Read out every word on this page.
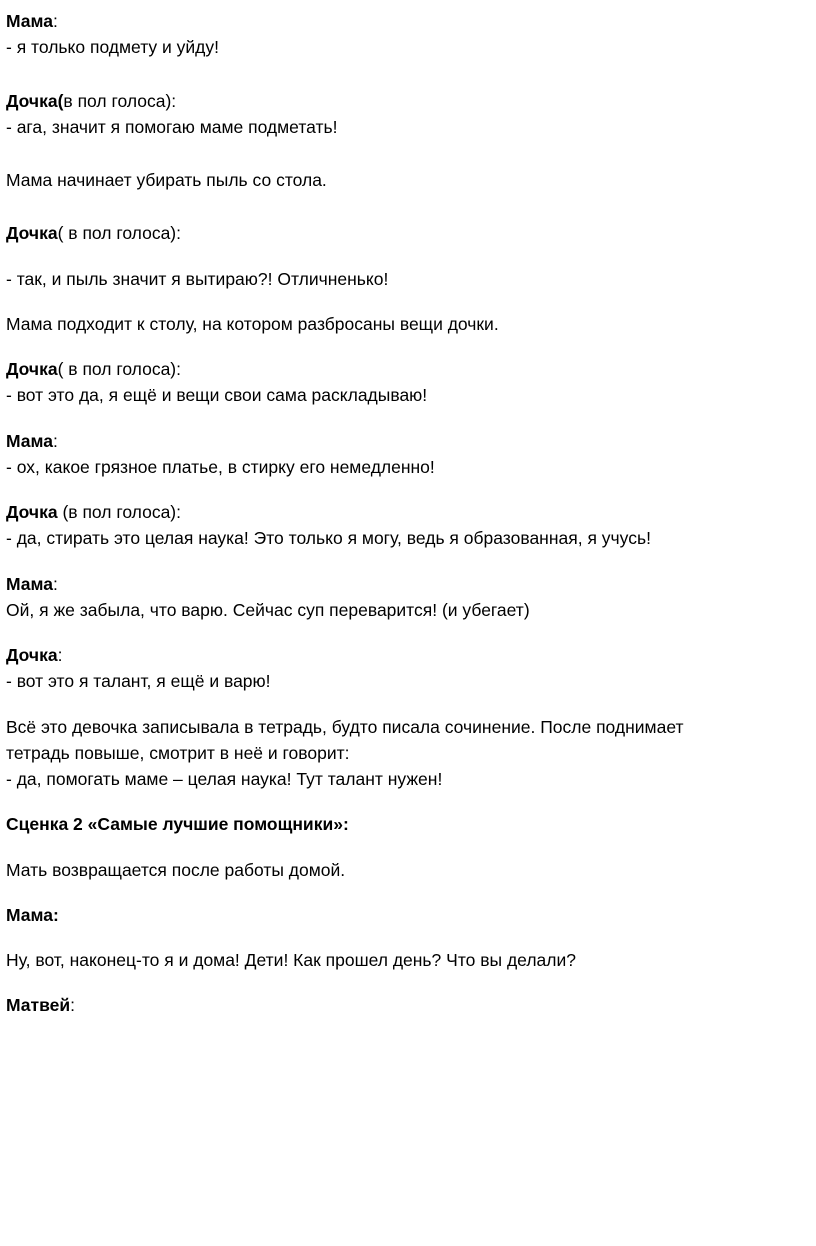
Мама:

- я только подмету и уйду!

Дочка(в пол голоса):

- ага, значит я помогаю маме подметать!

Мама начинает убирать пыль со стола.

Дочка( в пол голоса):

- так, и пыль значит я вытираю?! Отличненько!

Мама подходит к столу, на котором разбросаны вещи дочки.

Дочка( в пол голоса):

- вот это да, я ещё и вещи свои сама раскладываю!

Мама:

- ох, какое грязное платье, в стирку его немедленно!

Дочка (в пол голоса):

- да, стирать это целая наука! Это только я могу, ведь я образованная, я учусь!

Мама:

Ой, я же забыла, что варю. Сейчас суп переварится! (и убегает)

Дочка:

- вот это я талант, я ещё и варю!

Всё это девочка записывала в тетрадь, будто писала сочинение. После поднимает тетрадь повыше, смотрит в неё и говорит:

- да, помогать маме – целая наука! Тут талант нужен!

Сценка 2 «Самые лучшие помощники»:

Мать возвращается после работы домой.

Мама:

Ну, вот, наконец-то я и дома! Дети! Как прошел день? Что вы делали?

Матвей:
